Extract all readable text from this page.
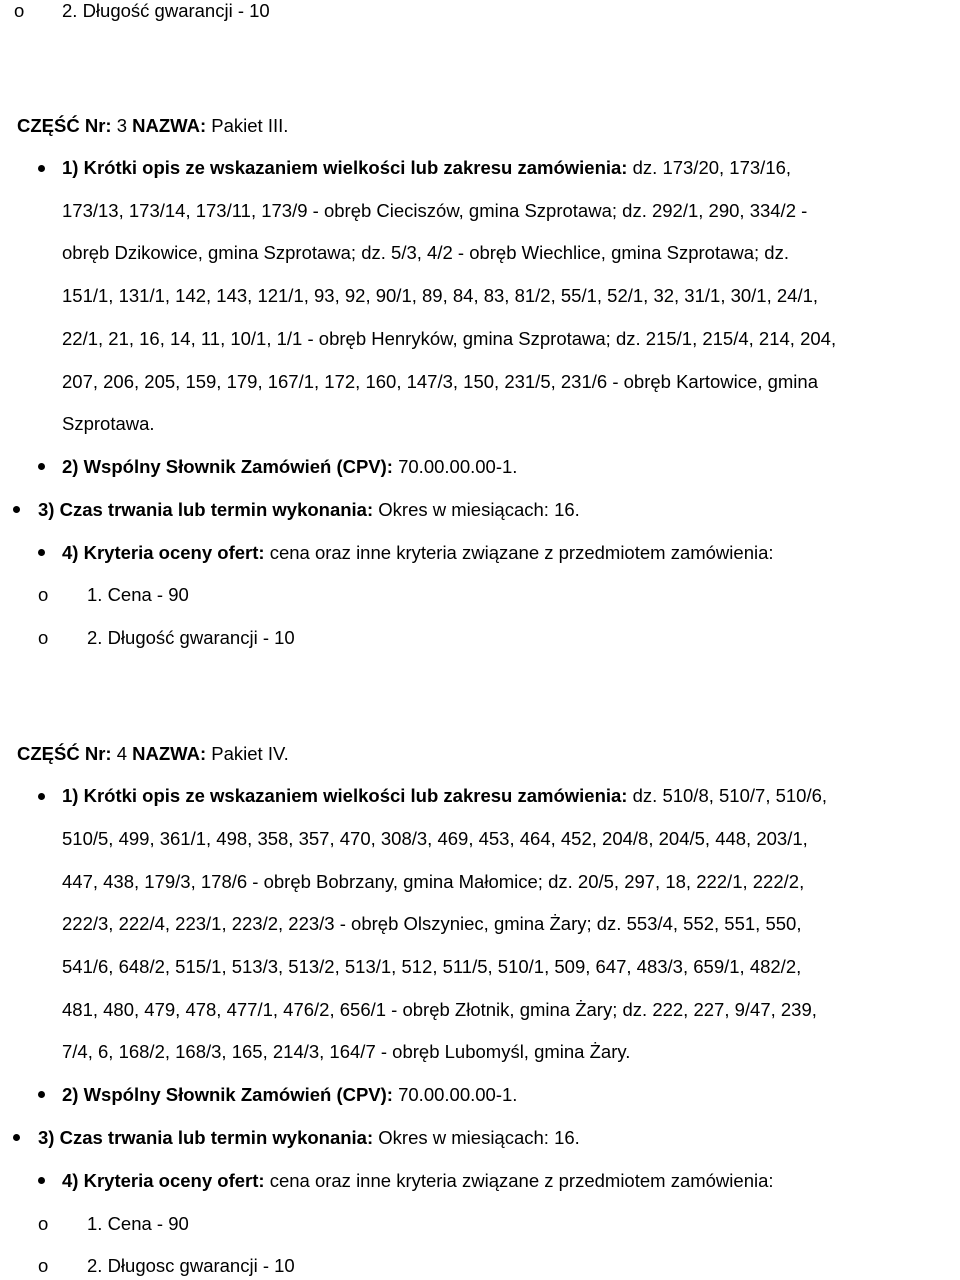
o 2. Długość gwarancji - 10
CZĘŚĆ Nr: 3 NAZWA: Pakiet III.
1) Krótki opis ze wskazaniem wielkości lub zakresu zamówienia: dz. 173/20, 173/16,
173/13, 173/14, 173/11, 173/9 - obręb Cieciszów, gmina Szprotawa; dz. 292/1, 290, 334/2 -
obręb Dzikowice, gmina Szprotawa; dz. 5/3, 4/2 - obręb Wiechlice, gmina Szprotawa; dz.
151/1, 131/1, 142, 143, 121/1, 93, 92, 90/1, 89, 84, 83, 81/2, 55/1, 52/1, 32, 31/1, 30/1, 24/1,
22/1, 21, 16, 14, 11, 10/1, 1/1 - obręb Henryków, gmina Szprotawa; dz. 215/1, 215/4, 214, 204,
207, 206, 205, 159, 179, 167/1, 172, 160, 147/3, 150, 231/5, 231/6 - obręb Kartowice, gmina
Szprotawa.
2) Wspólny Słownik Zamówień (CPV): 70.00.00.00-1.
3) Czas trwania lub termin wykonania: Okres w miesiącach: 16.
4) Kryteria oceny ofert: cena oraz inne kryteria związane z przedmiotem zamówienia:
o 1. Cena - 90
o 2. Długość gwarancji - 10
CZĘŚĆ Nr: 4 NAZWA: Pakiet IV.
1) Krótki opis ze wskazaniem wielkości lub zakresu zamówienia: dz. 510/8, 510/7, 510/6,
510/5, 499, 361/1, 498, 358, 357, 470, 308/3, 469, 453, 464, 452, 204/8, 204/5, 448, 203/1,
447, 438, 179/3, 178/6 - obręb Bobrzany, gmina Małomice; dz. 20/5, 297, 18, 222/1, 222/2,
222/3, 222/4, 223/1, 223/2, 223/3 - obręb Olszyniec, gmina Żary; dz. 553/4, 552, 551, 550,
541/6, 648/2, 515/1, 513/3, 513/2, 513/1, 512, 511/5, 510/1, 509, 647, 483/3, 659/1, 482/2,
481, 480, 479, 478, 477/1, 476/2, 656/1 - obręb Złotnik, gmina Żary; dz. 222, 227, 9/47, 239,
7/4, 6, 168/2, 168/3, 165, 214/3, 164/7 - obręb Lubomyśl, gmina Żary.
2) Wspólny Słownik Zamówień (CPV): 70.00.00.00-1.
3) Czas trwania lub termin wykonania: Okres w miesiącach: 16.
4) Kryteria oceny ofert: cena oraz inne kryteria związane z przedmiotem zamówienia:
o 1. Cena - 90
o 2. Długosc gwarancji - 10
